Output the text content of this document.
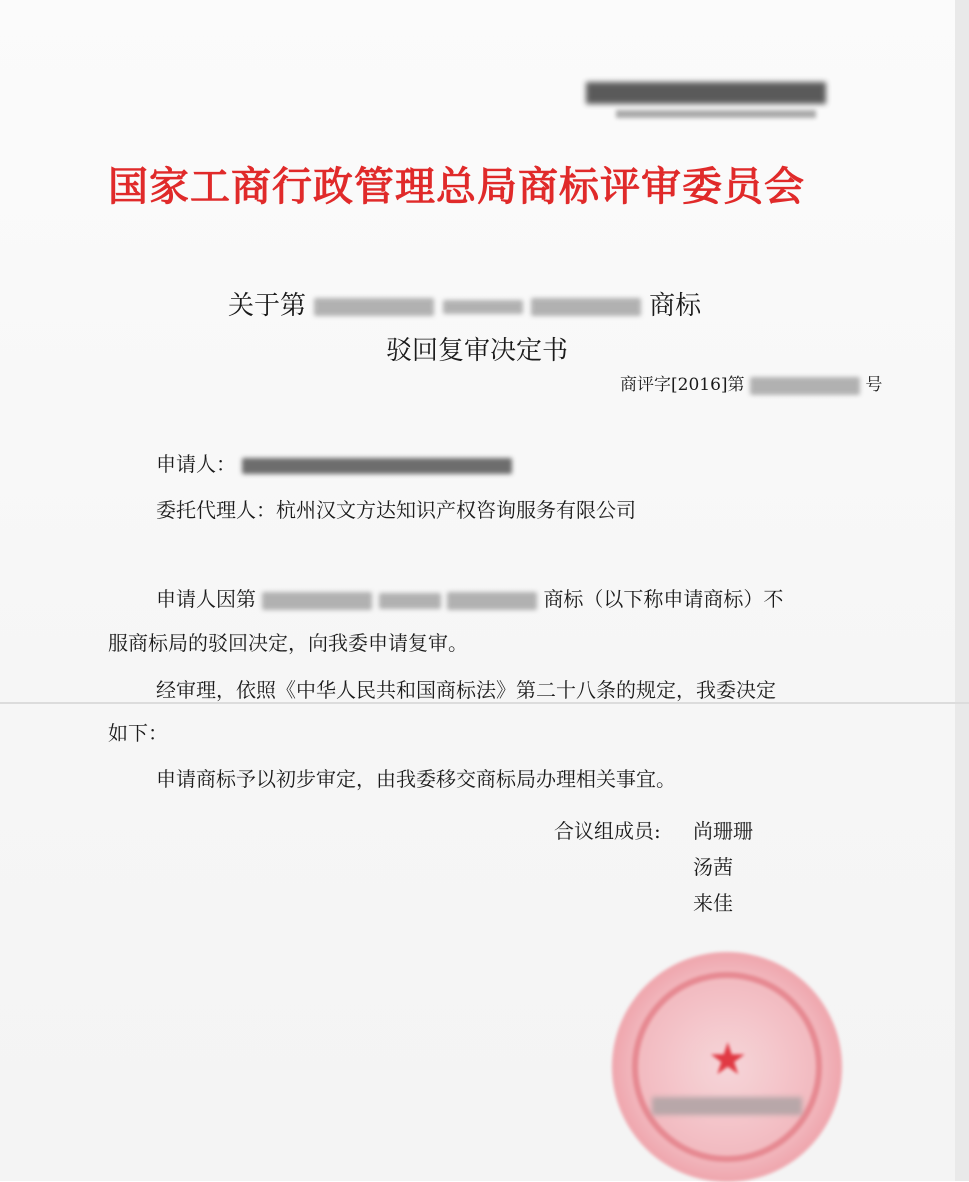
国家工商行政管理总局商标评审委员会
关于第	商标
驳回复审决定书
商评字[2016]第	号
申请人：
委托代理人：杭州汉文方达知识产权咨询服务有限公司
申请人因第	商标（以下称申请商标）不
服商标局的驳回决定，向我委申请复审。
经审理，依照《中华人民共和国商标法》第二十八条的规定，我委决定
如下：
申请商标予以初步审定，由我委移交商标局办理相关事宜。
合议组成员: 尚珊珊
汤茜
来佳
★
